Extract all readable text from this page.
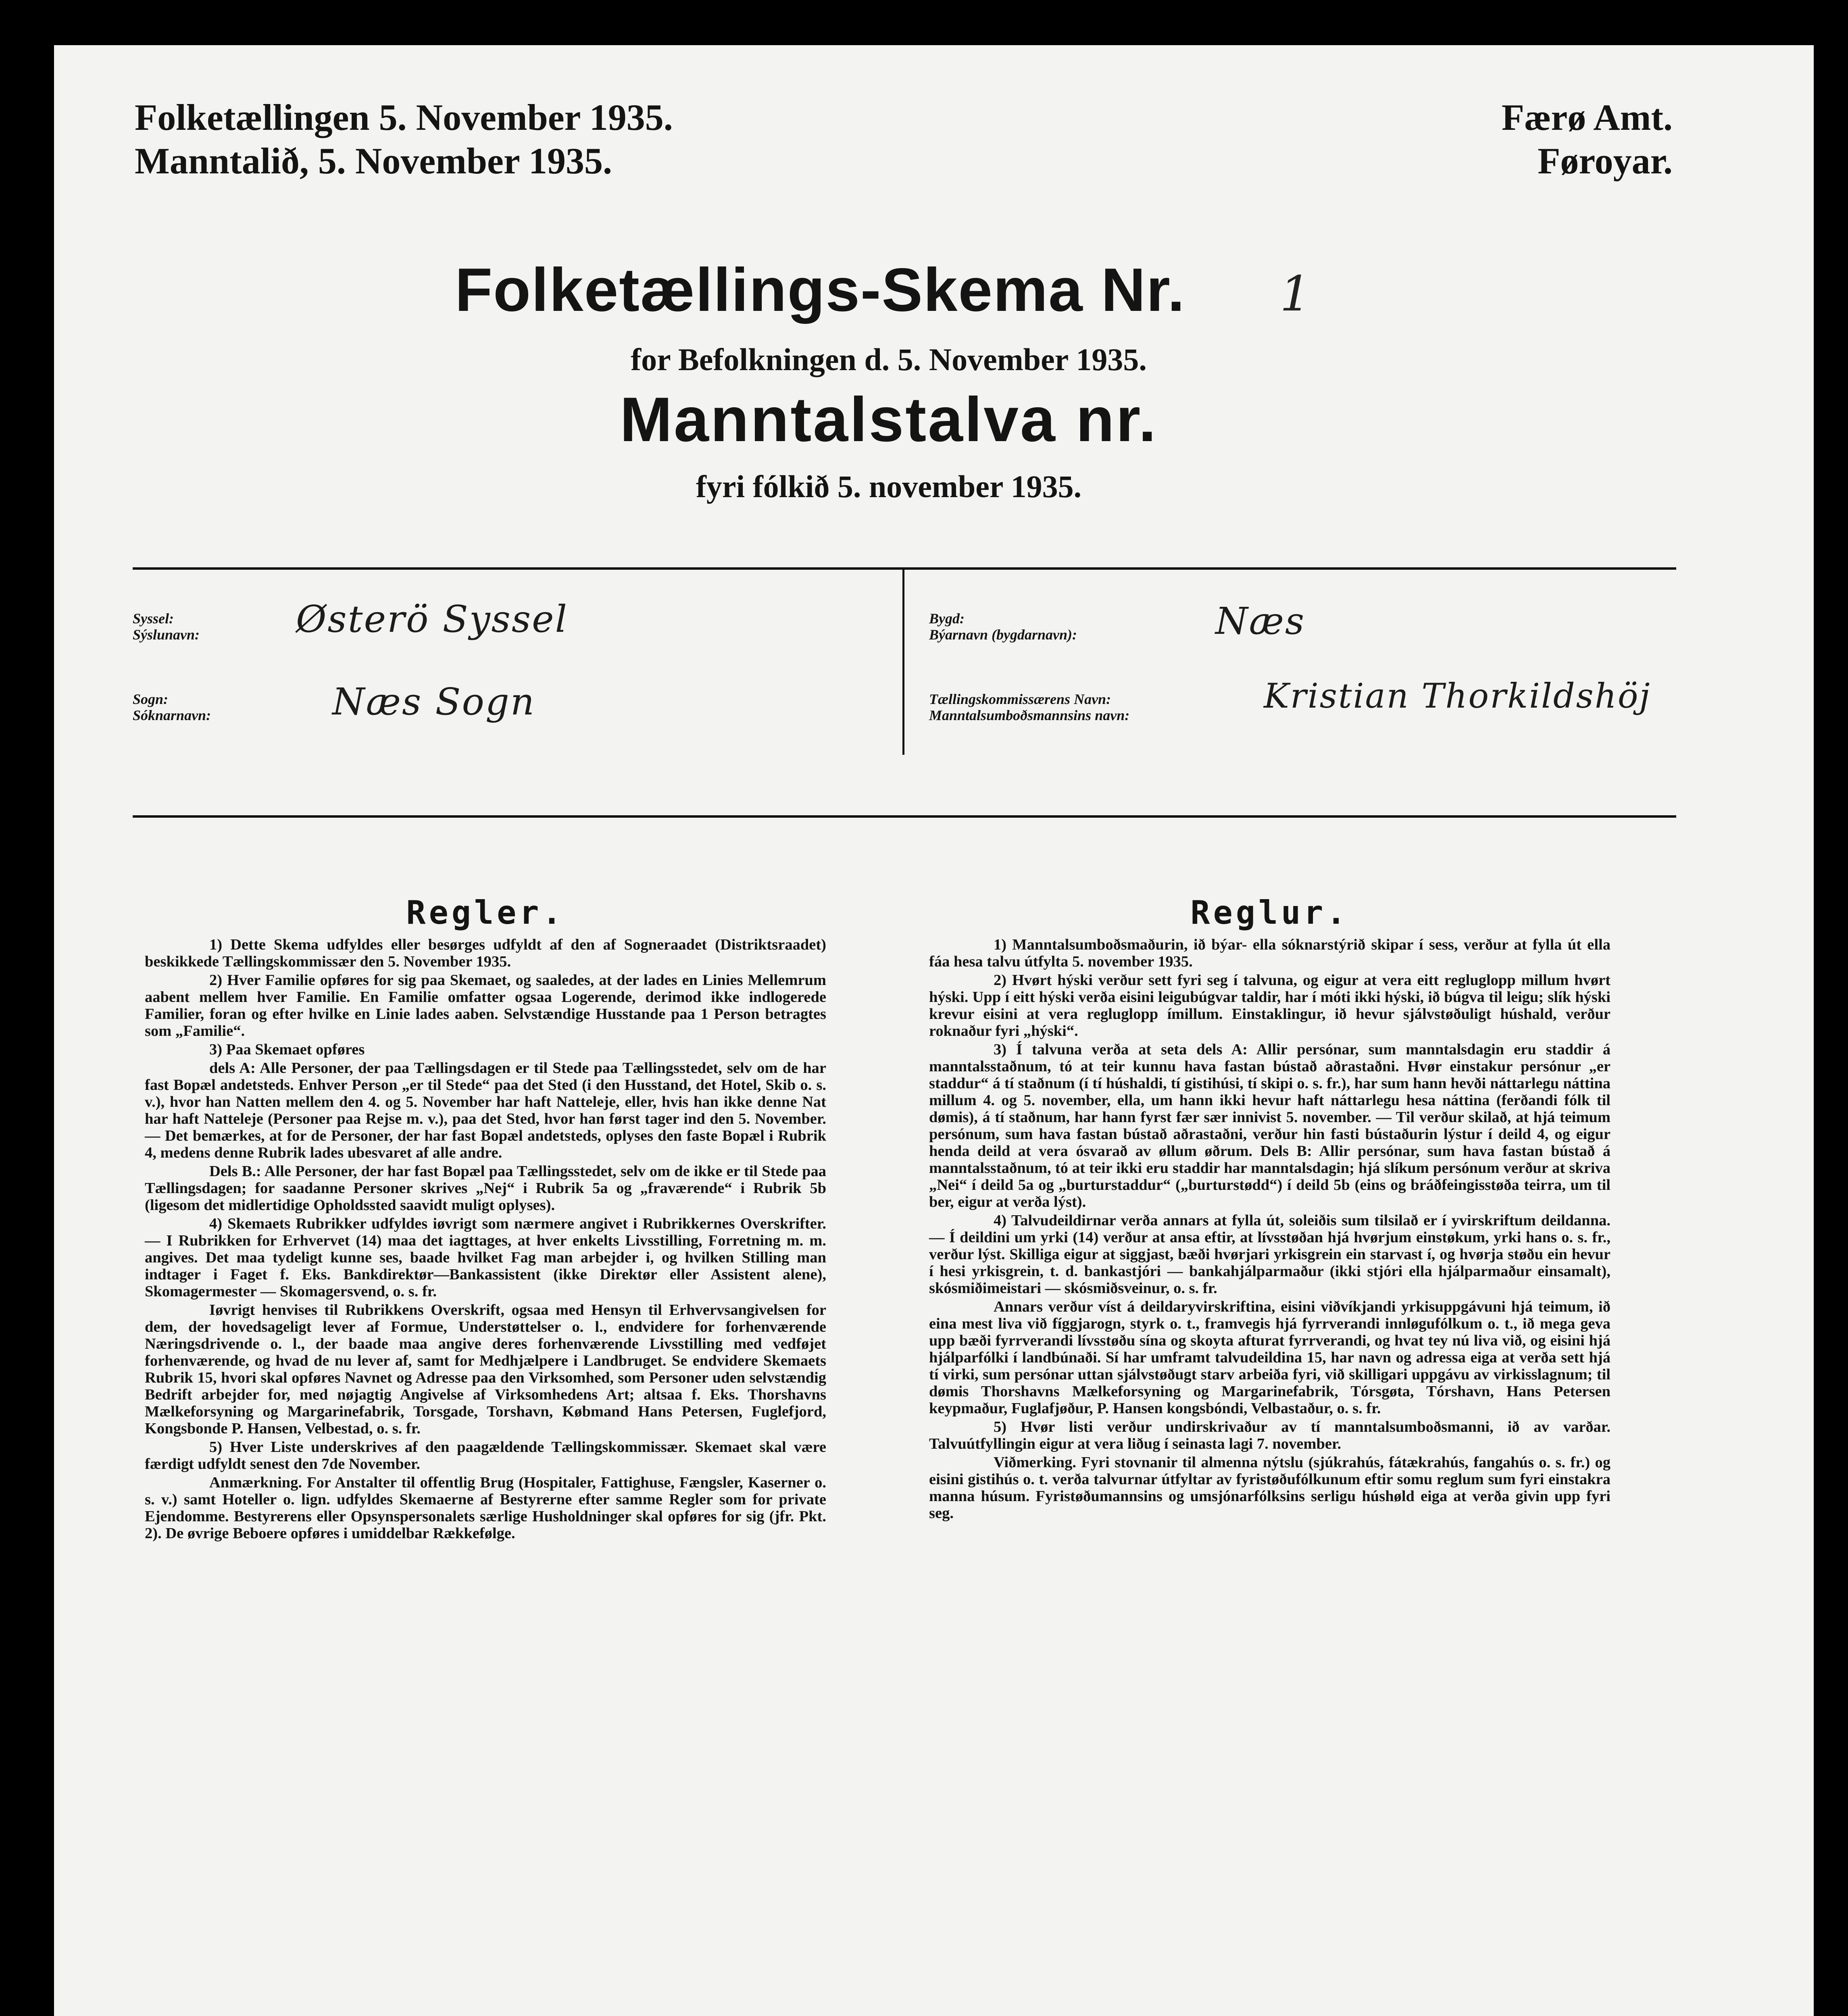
Folketællingen 5. November 1935.
Manntalið, 5. November 1935.
Færø Amt.
Føroyar.
Folketællings-Skema Nr.	1
for Befolkningen d. 5. November 1935.
Manntalstalva nr.
fyri fólkið 5. november 1935.
Syssel:
Sýslunavn:	Østerö Syssel
Sogn:
Sóknarnavn:	Næs Sogn
Bygd:
Býarnavn (bygdarnavn):	Næs
Tællingskommissærens Navn:
Manntalsumboðsmannsins navn:	Kristian Thorkildshöj
Regler.	Reglur.

1) Dette Skema udfyldes eller besørges udfyldt af den af Sogneraadet (Distriktsraadet) beskikkede Tællingskommissær den 5. November 1935.

2) Hver Familie opføres for sig paa Skemaet, og saaledes, at der lades en Linies Mellemrum aabent mellem hver Familie. En Familie omfatter ogsaa Logerende, derimod ikke indlogerede Familier, foran og efter hvilke en Linie lades aaben. Selvstændige Husstande paa 1 Person betragtes som „Familie“.

3) Paa Skemaet opføres

dels A: Alle Personer, der paa Tællingsdagen er til Stede paa Tællingsstedet, selv om de har fast Bopæl andetsteds. Enhver Person „er til Stede“ paa det Sted (i den Husstand, det Hotel, Skib o. s. v.), hvor han Natten mellem den 4. og 5. November har haft Natteleje, eller, hvis han ikke denne Nat har haft Natteleje (Personer paa Rejse m. v.), paa det Sted, hvor han først tager ind den 5. November. — Det bemærkes, at for de Personer, der har fast Bopæl andetsteds, oplyses den faste Bopæl i Rubrik 4, medens denne Rubrik lades ubesvaret af alle andre.

Dels B.: Alle Personer, der har fast Bopæl paa Tællingsstedet, selv om de ikke er til Stede paa Tællingsdagen; for saadanne Personer skrives „Nej“ i Rubrik 5a og „fraværende“ i Rubrik 5b (ligesom det midlertidige Opholdssted saavidt muligt oplyses).

4) Skemaets Rubrikker udfyldes iøvrigt som nærmere angivet i Rubrikkernes Overskrifter. — I Rubrikken for Erhvervet (14) maa det iagttages, at hver enkelts Livsstilling, Forretning m. m. angives. Det maa tydeligt kunne ses, baade hvilket Fag man arbejder i, og hvilken Stilling man indtager i Faget f. Eks. Bankdirektør—Bankassistent (ikke Direktør eller Assistent alene), Skomagermester — Skomagersvend, o. s. fr.

Iøvrigt henvises til Rubrikkens Overskrift, ogsaa med Hensyn til Erhvervsangivelsen for dem, der hovedsageligt lever af Formue, Understøttelser o. l., endvidere for forhenværende Næringsdrivende o. l., der baade maa angive deres forhenværende Livsstilling med vedføjet forhenværende, og hvad de nu lever af, samt for Medhjælpere i Landbruget. Se endvidere Skemaets Rubrik 15, hvori skal opføres Navnet og Adresse paa den Virksomhed, som Personer uden selvstændig Bedrift arbejder for, med nøjagtig Angivelse af Virksomhedens Art; altsaa f. Eks. Thorshavns Mælkeforsyning og Margarinefabrik, Torsgade, Torshavn, Købmand Hans Petersen, Fuglefjord, Kongsbonde P. Hansen, Velbestad, o. s. fr.

5) Hver Liste underskrives af den paagældende Tællingskommissær. Skemaet skal være færdigt udfyldt senest den 7de November.

Anmærkning. For Anstalter til offentlig Brug (Hospitaler, Fattighuse, Fængsler, Kaserner o. s. v.) samt Hoteller o. lign. udfyldes Skemaerne af Bestyrerne efter samme Regler som for private Ejendomme. Bestyrerens eller Opsynspersonalets særlige Husholdninger skal opføres for sig (jfr. Pkt. 2). De øvrige Beboere opføres i umiddelbar Rækkefølge.

1) Manntalsumboðsmaðurin, ið býar- ella sóknarstýrið skipar í sess, verður at fylla út ella fáa hesa talvu útfylta 5. november 1935.

2) Hvørt hýski verður sett fyri seg í talvuna, og eigur at vera eitt regluglopp millum hvørt hýski. Upp í eitt hýski verða eisini leigubúgvar taldir, har í móti ikki hýski, ið búgva til leigu; slík hýski krevur eisini at vera regluglopp ímillum. Einstaklingur, ið hevur sjálvstøðuligt húshald, verður roknaður fyri „hýski“.

3) Í talvuna verða at seta dels A: Allir persónar, sum manntalsdagin eru staddir á manntalsstaðnum, tó at teir kunnu hava fastan bústað aðrastaðni. Hvør einstakur persónur „er staddur“ á tí staðnum (í tí húshaldi, tí gistihúsi, tí skipi o. s. fr.), har sum hann hevði náttarlegu náttina millum 4. og 5. november, ella, um hann ikki hevur haft náttarlegu hesa náttina (ferðandi fólk til dømis), á tí staðnum, har hann fyrst fær sær innivist 5. november. — Til verður skilað, at hjá teimum persónum, sum hava fastan bústað aðrastaðni, verður hin fasti bústaðurin lýstur í deild 4, og eigur henda deild at vera ósvarað av øllum øðrum. Dels B: Allir persónar, sum hava fastan bústað á manntalsstaðnum, tó at teir ikki eru staddir har manntalsdagin; hjá slíkum persónum verður at skriva „Nei“ í deild 5a og „burturstaddur“ („burturstødd“) í deild 5b (eins og bráðfeingisstøða teirra, um til ber, eigur at verða lýst).

4) Talvudeildirnar verða annars at fylla út, soleiðis sum tilsilað er í yvirskriftum deildanna. — Í deildini um yrki (14) verður at ansa eftir, at lívsstøðan hjá hvørjum einstøkum, yrki hans o. s. fr., verður lýst. Skilliga eigur at siggjast, bæði hvørjari yrkisgrein ein starvast í, og hvørja støðu ein hevur í hesi yrkisgrein, t. d. bankastjóri — bankahjálparmaður (ikki stjóri ella hjálparmaður einsamalt), skósmiðimeistari — skósmiðsveinur, o. s. fr.

Annars verður víst á deildaryvirskriftina, eisini viðvíkjandi yrkisuppgávuni hjá teimum, ið eina mest liva við fíggjarogn, styrk o. t., framvegis hjá fyrrverandi innløgufólkum o. t., ið mega geva upp bæði fyrrverandi lívsstøðu sína og skoyta afturat fyrrverandi, og hvat tey nú liva við, og eisini hjá hjálparfólki í landbúnaði. Sí har umframt talvudeildina 15, har navn og adressa eiga at verða sett hjá tí virki, sum persónar uttan sjálvstøðugt starv arbeiða fyri, við skilligari uppgávu av virkisslagnum; til dømis Thorshavns Mælkeforsyning og Margarinefabrik, Tórsgøta, Tórshavn, Hans Petersen keypmaður, Fuglafjøður, P. Hansen kongsbóndi, Velbastaður, o. s. fr.

5) Hvør listi verður undirskrivaður av tí manntalsumboðsmanni, ið av varðar. Talvuútfyllingin eigur at vera liðug í seinasta lagi 7. november.

Viðmerking. Fyri stovnanir til almenna nýtslu (sjúkrahús, fátækrahús, fangahús o. s. fr.) og eisini gistihús o. t. verða talvurnar útfyltar av fyristøðufólkunum eftir somu reglum sum fyri einstakra manna húsum. Fyristøðumannsins og umsjónarfólksins serligu húshøld eiga at verða givin upp fyri seg.
